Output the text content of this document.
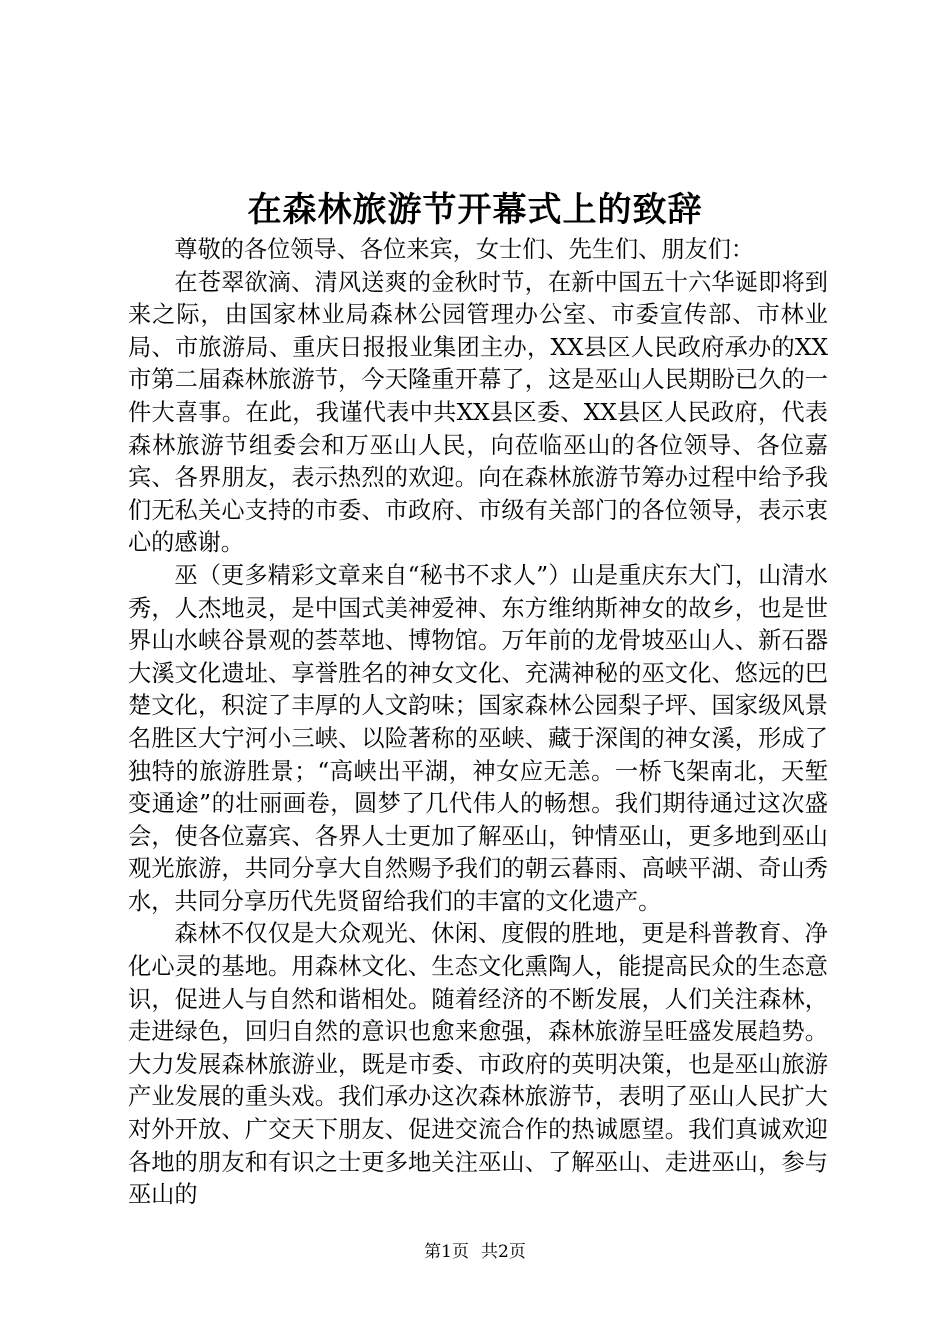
在森林旅游节开幕式上的致辞

尊敬的各位领导、各位来宾，女士们、先生们、朋友们：

在苍翠欲滴、清风送爽的金秋时节，在新中国五十六华诞即将到来之际，由国家林业局森林公园管理办公室、市委宣传部、市林业局、市旅游局、重庆日报报业集团主办，XX县区人民政府承办的XX市第二届森林旅游节，今天隆重开幕了，这是巫山人民期盼已久的一件大喜事。在此，我谨代表中共XX县区委、XX县区人民政府，代表森林旅游节组委会和万巫山人民，向莅临巫山的各位领导、各位嘉宾、各界朋友，表示热烈的欢迎。向在森林旅游节筹办过程中给予我们无私关心支持的市委、市政府、市级有关部门的各位领导，表示衷心的感谢。

巫（更多精彩文章来自“秘书不求人”）山是重庆东大门，山清水秀，人杰地灵，是中国式美神爱神、东方维纳斯神女的故乡，也是世界山水峡谷景观的荟萃地、博物馆。万年前的龙骨坡巫山人、新石器大溪文化遗址、享誉胜名的神女文化、充满神秘的巫文化、悠远的巴楚文化，积淀了丰厚的人文韵味；国家森林公园梨子坪、国家级风景名胜区大宁河小三峡、以险著称的巫峡、藏于深闺的神女溪，形成了独特的旅游胜景；“高峡出平湖，神女应无恙。一桥飞架南北，天堑变通途”的壮丽画卷，圆梦了几代伟人的畅想。我们期待通过这次盛会，使各位嘉宾、各界人士更加了解巫山，钟情巫山，更多地到巫山观光旅游，共同分享大自然赐予我们的朝云暮雨、高峡平湖、奇山秀水，共同分享历代先贤留给我们的丰富的文化遗产。

森林不仅仅是大众观光、休闲、度假的胜地，更是科普教育、净化心灵的基地。用森林文化、生态文化熏陶人，能提高民众的生态意识，促进人与自然和谐相处。随着经济的不断发展，人们关注森林，走进绿色，回归自然的意识也愈来愈强，森林旅游呈旺盛发展趋势。大力发展森林旅游业，既是市委、市政府的英明决策，也是巫山旅游产业发展的重头戏。我们承办这次森林旅游节，表明了巫山人民扩大对外开放、广交天下朋友、促进交流合作的热诚愿望。我们真诚欢迎各地的朋友和有识之士更多地关注巫山、了解巫山、走进巫山，参与巫山的

第1页 共2页
